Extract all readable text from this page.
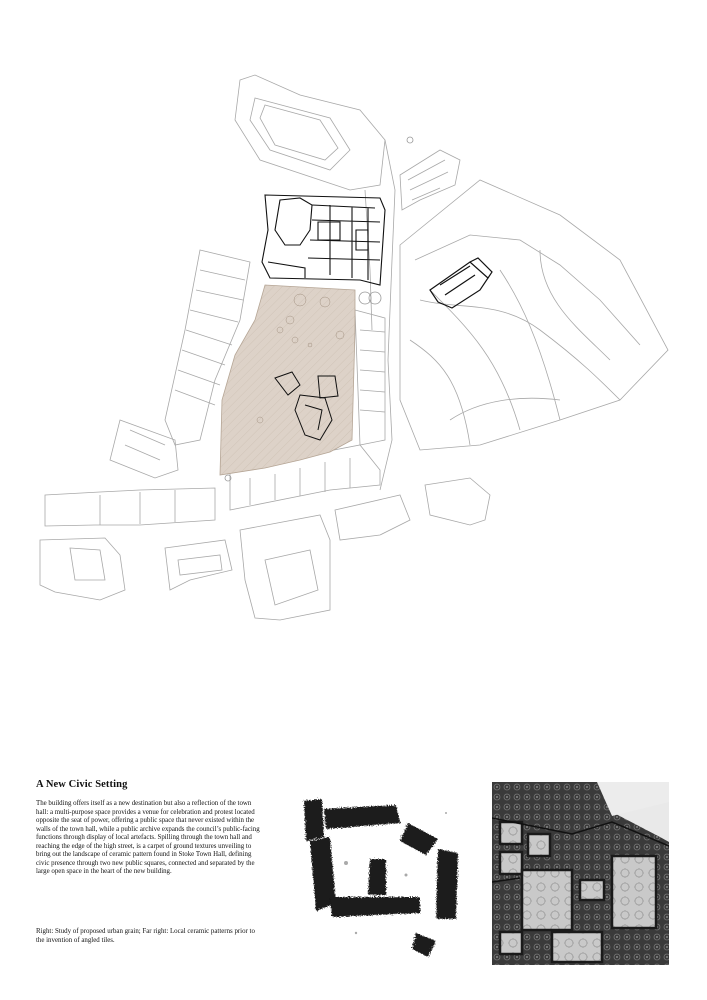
A New Civic Setting

The building offers itself as a new destination but also a reflection of the town hall: a multi-purpose space provides a venue for celebration and protest located opposite the seat of power, offering a public space that never existed within the walls of the town hall, while a public archive expands the council’s public-facing functions through display of local artefacts. Spilling through the town hall and reaching the edge of the high street, is a carpet of ground textures unveiling to bring out the landscape of ceramic pattern found in Stoke Town Hall, defining civic presence through two new public squares, connected and separated by the large open space in the heart of the new building.

Right: Study of proposed urban grain; Far right: Local ceramic patterns prior to the invention of angled tiles.
